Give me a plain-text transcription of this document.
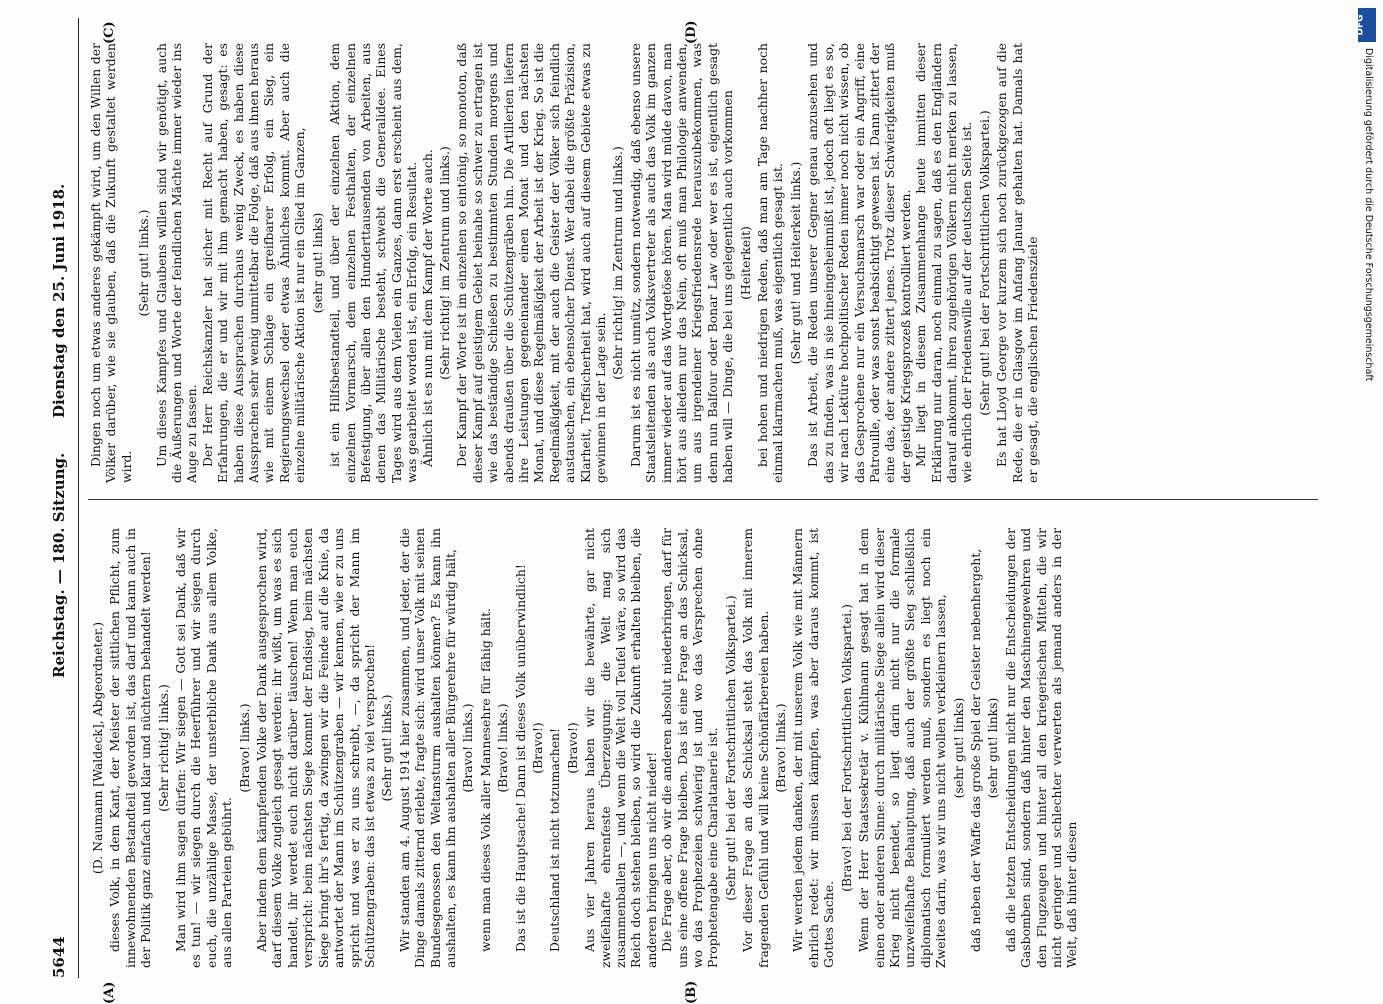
5644
Reichstag. — 180. Sitzung.
Dienstag den 25. Juni 1918.
(A)	(B)
(C)	(D)
(D. Naumann [Waldeck], Abgeordneter.) dieses Volk, in dem Kant, der Meister der sittlichen Pflicht, zum innewohnenden Bestandteil geworden ist, das darf und kann auch in der Politik ganz einfach und klar und nüchtern behandelt werden! (Sehr richtig! links.) Man wird ihm sagen dürfen: Wir siegen — Gott sei Dank, daß wir es tun! — wir siegen durch die Heerführer und wir siegen durch euch, die unzählige Masse, der unsterbliche Dank aus allem Volke, aus allen Parteien gebührt.

(Bravo! links.) Aber indem dem kämpfenden Volke der Dank ausgesprochen wird, darf diesem Volke zugleich gesagt werden: ihr wißt, um was es sich handelt, ihr werdet euch nicht darüber täuschen! Wenn man euch verspricht: beim nächsten Siege kommt der Endsieg, beim nächsten Siege bringt ihr's fertig, da zwingen wir die Feinde auf die Knie, da antwortet der Mann im Schützengraben — wir kennen, wie er zu uns spricht und was er zu uns schreibt, —, da spricht der Mann im Schützengraben: das ist etwas zu viel versprochen! (Sehr gut! links.) Wir standen am 4. August 1914 hier zusammen, und jeder, der die Dinge damals zitternd erlebte, fragte sich: wird unser Volk mit seinen Bundesgenossen den Weltansturm aushalten können? Es kann ihn aushalten, es kann ihn aushalten aller Bürgerehre für würdig hält, (Bravo! links.) wenn man dieses Volk aller Mannesehre für fähig hält. (Bravo! links.) Das ist die Hauptsache! Dann ist dieses Volk unüberwindlich! (Bravo!) Deutschland ist nicht totzumachen! (Bravo!) Aus vier Jahren heraus haben wir die bewährte, gar nicht zweifelhafte ehrenfeste Überzeugung: die Welt mag sich zusammenballen —, und wenn die Welt voll Teufel wäre, so wird das Reich doch stehen bleiben, so wird die Zukunft erhalten bleiben, die anderen bringen uns nicht nieder! Die Frage aber, ob wir die anderen absolut niederbringen, darf für uns eine offene Frage bleiben. Das ist eine Frage an das Schicksal, wo das Prophezeien schwierig ist und wo das Versprechen ohne Prophetengabe eine Charlatanerie ist. (Sehr gut! bei der Fortschrittlichen Volkspartei.) Vor dieser Frage an das Schicksal steht das Volk mit innerem fragenden Gefühl und will keine Schönfärbereien haben. (Bravo! links.) Wir werden jedem danken, der mit unserem Volk wie mit Männern ehrlich redet: wir müssen kämpfen, was aber daraus kommt, ist Gottes Sache.

(Bravo! bei der Fortschrittlichen Volkspartei.) Wenn der Herr Staatssekretär v. Kühlmann gesagt hat in dem einen oder anderen Sinne: durch militärische Siege allein wird dieser Krieg nicht beendet, so liegt darin nicht nur die formale unzweifelhafte Behauptung, daß auch der größte Sieg schließlich diplomatisch formuliert werden muß, sondern es liegt noch ein Zweites darin, was wir uns nicht wollen verkleinern lassen, (sehr gut! links) daß neben der Waffe das große Spiel der Geister nebenhergeht, (sehr gut! links) daß die letzten Entscheidungen nicht nur die Entscheidungen der Gasbomben sind, sondern daß hinter den Maschinengewehren und den Flugzeugen und hinter all den kriegerischen Mitteln, die wir nicht geringer und schlechter verwerten als jemand anders in der Welt, daß hinter diesen

Dingen noch um etwas anderes gekämpft wird, um den Willen der Völker darüber, wie sie glauben, daß die Zukunft gestaltet werden wird.

(Sehr gut! links.) Um dieses Kampfes und Glaubens willen sind wir genötigt, auch die Äußerungen und Worte der feindlichen Mächte immer wieder ins Auge zu fassen. Der Herr Reichskanzler hat sicher mit Recht auf Grund der Erfahrungen, die er und wir mit ihm gemacht haben, gesagt: es haben diese Aussprachen durchaus wenig Zweck, es haben diese Aussprachen sehr wenig unmittelbar die Folge, daß aus ihnen heraus wie mit einem Schlage ein greifbarer Erfolg, ein Sieg, ein Regierungswechsel oder etwas Ähnliches kommt. Aber auch die einzelne militärische Aktion ist nur ein Glied im Ganzen, (sehr gut! links) ist ein Hilfsbestandteil, und über der einzelnen Aktion, dem einzelnen Vormarsch, dem einzelnen Festhalten, der einzelnen Befestigung, über allen den Hunderttausenden von Arbeiten, aus denen das Militärische besteht, schwebt die Generalidee. Eines Tages wird aus dem Vielen ein Ganzes, dann erst erscheint aus dem, was gearbeitet worden ist, ein Erfolg, ein Resultat. Ähnlich ist es nun mit dem Kampf der Worte auch. (Sehr richtig! im Zentrum und links.) Der Kampf der Worte ist im einzelnen so eintönig, so monoton, daß dieser Kampf auf geistigem Gebiet beinahe so schwer zu ertragen ist wie das beständige Schießen zu bestimmten Stunden morgens und abends draußen über die Schützengräben hin. Die Artillerien liefern ihre Leistungen gegeneinander einen Monat und den nächsten Monat, und diese Regelmäßigkeit der Arbeit ist der Krieg. So ist die Regelmäßigkeit, mit der auch die Geister der Völker sich feindlich austauschen, ein ebensolcher Dienst. Wer dabei die größte Präzision, Klarheit, Treffsicherheit hat, wird auch auf diesem Gebiete etwas zu gewinnen in der Lage sein.

(Sehr richtig! im Zentrum und links.) Darum ist es nicht unnütz, sondern notwendig, daß ebenso unsere Staatsleitenden als auch Volksvertreter als auch das Volk im ganzen immer wieder auf das Wortgetöse hören. Man wird müde davon, man hört aus alledem nur das Nein, oft muß man Philologie anwenden, um aus irgendeiner Kriegsfriedensrede herauszubekommen, was denn nun Balfour oder Bonar Law oder wer es ist, eigentlich gesagt haben will — Dinge, die bei uns gelegentlich auch vorkommen (Heiterkeit) bei hohen und niedrigen Reden, daß man am Tage nachher noch einmal klarmachen muß, was eigentlich gesagt ist. (Sehr gut! und Heiterkeit links.) Das ist Arbeit, die Reden unserer Gegner genau anzusehen und das zu finden, was in sie hineingeheimnißt ist, jedoch oft liegt es so, wir nach Lektüre hochpolitischer Reden immer noch nicht wissen, ob das Gesprochene nur ein Versuchsmarsch war oder ein Angriff, eine Patrouille, oder was sonst beabsichtigt gewesen ist. Dann zittert der eine das, der andere zittert jenes. Trotz dieser Schwierigkeiten muß der geistige Kriegsprozeß kontrolliert werden. Mir liegt in diesem Zusammenhange heute inmitten dieser Erklärung nur daran, noch einmal zu sagen, daß es den Engländern darauf ankommt, ihren zugehörigen Völkern nicht merken zu lassen, wie ehrlich der Friedenswille auf der deutschen Seite ist. (Sehr gut! bei der Fortschrittlichen Volkspartei.) Es hat Lloyd George vor kurzem sich noch zurückgezogen auf die Rede, die er in Glasgow im Anfang Januar gehalten hat. Damals hat er gesagt, die englischen Friedensziele

DFG
Digitalisierung gefördert durch die Deutsche Forschungsgemeinschaft
